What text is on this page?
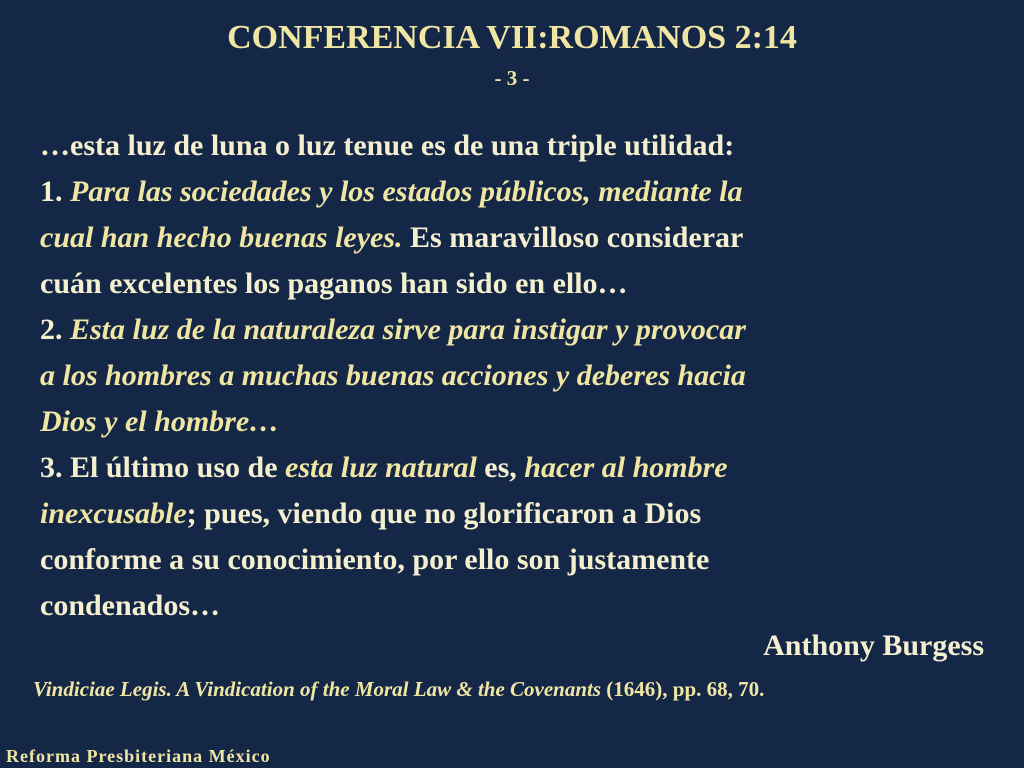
CONFERENCIA VII:ROMANOS 2:14
- 3 -
…esta luz de luna o luz tenue es de una triple utilidad:
1. Para las sociedades y los estados públicos, mediante la
cual han hecho buenas leyes. Es maravilloso considerar
cuán excelentes los paganos han sido en ello…
2. Esta luz de la naturaleza sirve para instigar y provocar
a los hombres a muchas buenas acciones y deberes hacia
Dios y el hombre…
3. El último uso de esta luz natural es, hacer al hombre
inexcusable; pues, viendo que no glorificaron a Dios
conforme a su conocimiento, por ello son justamente
condenados…
Anthony Burgess
Vindiciae Legis. A Vindication of the Moral Law & the Covenants (1646), pp. 68, 70.
Reforma Presbiteriana México
